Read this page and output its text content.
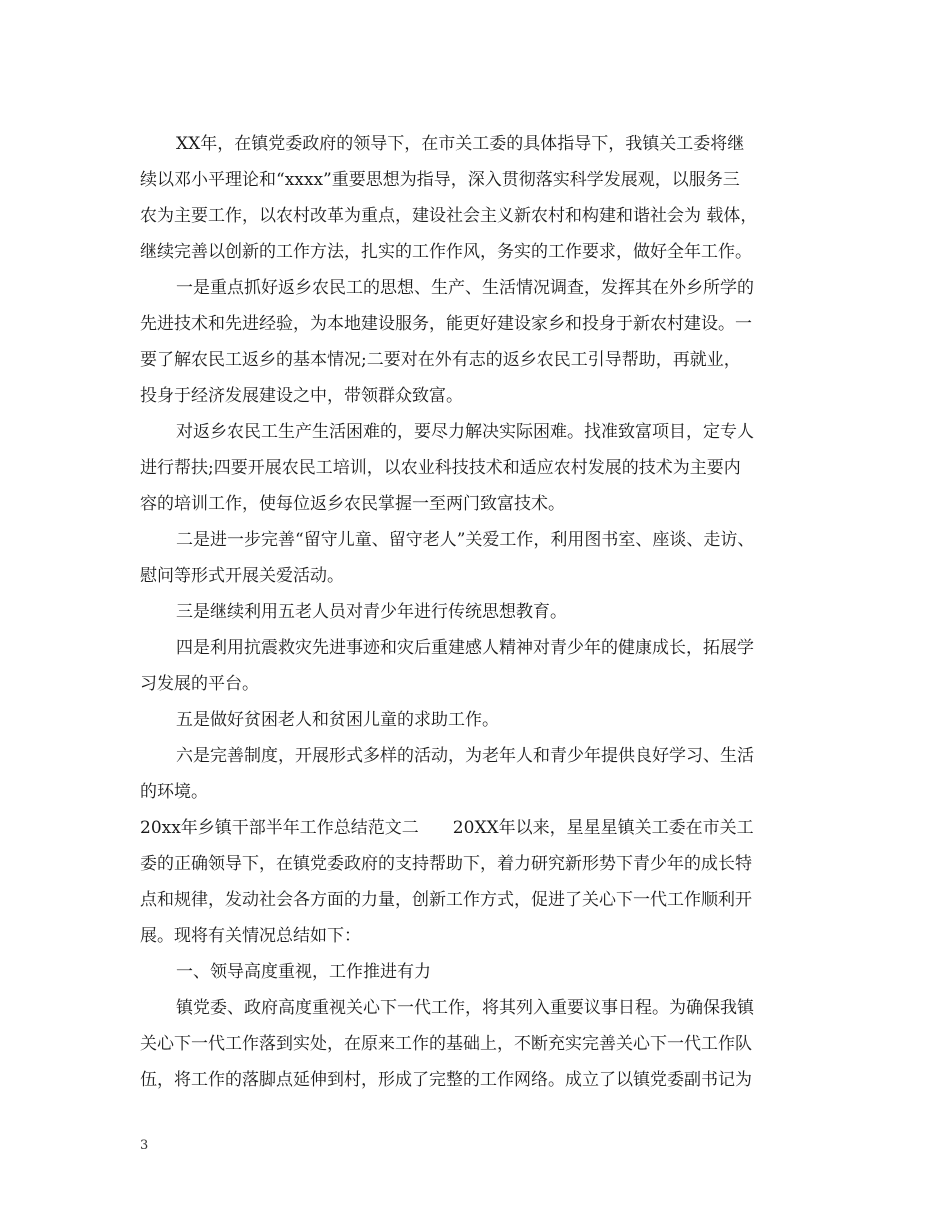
XX年，在镇党委政府的领导下，在市关工委的具体指导下，我镇关工委将继
续以邓小平理论和“xxxx”重要思想为指导，深入贯彻落实科学发展观，以服务三
农为主要工作，以农村改革为重点，建设社会主义新农村和构建和谐社会为 载体，
继续完善以创新的工作方法，扎实的工作作风，务实的工作要求，做好全年工作。
一是重点抓好返乡农民工的思想、生产、生活情况调查，发挥其在外乡所学的
先进技术和先进经验，为本地建设服务，能更好建设家乡和投身于新农村建设。一
要了解农民工返乡的基本情况;二要对在外有志的返乡农民工引导帮助，再就业，
投身于经济发展建设之中，带领群众致富。
对返乡农民工生产生活困难的，要尽力解决实际困难。找准致富项目，定专人
进行帮扶;四要开展农民工培训，以农业科技技术和适应农村发展的技术为主要内
容的培训工作，使每位返乡农民掌握一至两门致富技术。
二是进一步完善“留守儿童、留守老人”关爱工作，利用图书室、座谈、走访、
慰问等形式开展关爱活动。
三是继续利用五老人员对青少年进行传统思想教育。
四是利用抗震救灾先进事迹和灾后重建感人精神对青少年的健康成长，拓展学
习发展的平台。
五是做好贫困老人和贫困儿童的求助工作。
六是完善制度，开展形式多样的活动，为老年人和青少年提供良好学习、生活
的环境。
20xx年乡镇干部半年工作总结范文二　　20XX年以来，星星星镇关工委在市关工
委的正确领导下，在镇党委政府的支持帮助下，着力研究新形势下青少年的成长特
点和规律，发动社会各方面的力量，创新工作方式，促进了关心下一代工作顺利开
展。现将有关情况总结如下：
一、领导高度重视，工作推进有力
镇党委、政府高度重视关心下一代工作，将其列入重要议事日程。为确保我镇
关心下一代工作落到实处，在原来工作的基础上，不断充实完善关心下一代工作队
伍，将工作的落脚点延伸到村，形成了完整的工作网络。成立了以镇党委副书记为
3
